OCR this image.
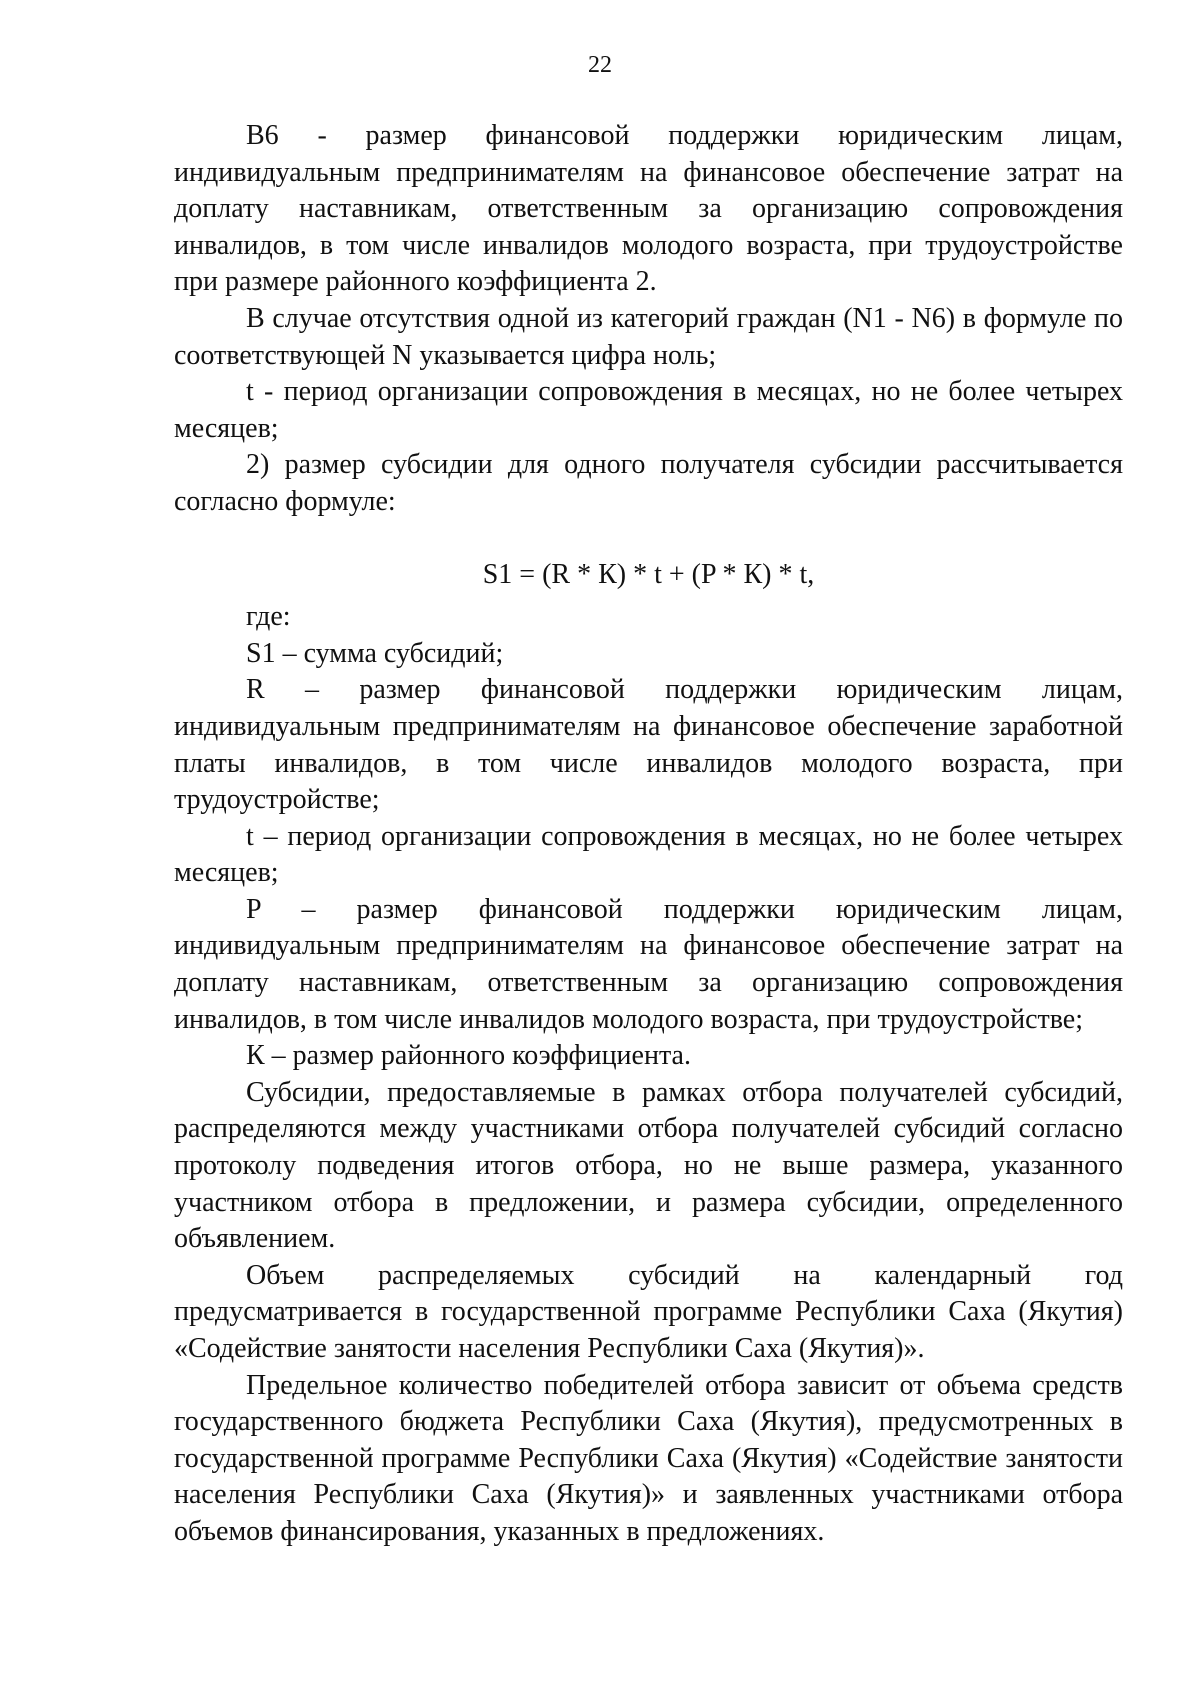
22

B6 - размер финансовой поддержки юридическим лицам, индивидуальным предпринимателям на финансовое обеспечение затрат на доплату наставникам, ответственным за организацию сопровождения инвалидов, в том числе инвалидов молодого возраста, при трудоустройстве при размере районного коэффициента 2.

В случае отсутствия одной из категорий граждан (N1 - N6) в формуле по соответствующей N указывается цифра ноль;

t - период организации сопровождения в месяцах, но не более четырех месяцев;

2) размер субсидии для одного получателя субсидии рассчитывается согласно формуле:

S1 = (R * К) * t + (P * К) * t,

где:

S1 – сумма субсидий;

R – размер финансовой поддержки юридическим лицам, индивидуальным предпринимателям на финансовое обеспечение заработной платы инвалидов, в том числе инвалидов молодого возраста, при трудоустройстве;

t – период организации сопровождения в месяцах, но не более четырех месяцев;

P – размер финансовой поддержки юридическим лицам, индивидуальным предпринимателям на финансовое обеспечение затрат на доплату наставникам, ответственным за организацию сопровождения инвалидов, в том числе инвалидов молодого возраста, при трудоустройстве;

К – размер районного коэффициента.

Субсидии, предоставляемые в рамках отбора получателей субсидий, распределяются между участниками отбора получателей субсидий согласно протоколу подведения итогов отбора, но не выше размера, указанного участником отбора в предложении, и размера субсидии, определенного объявлением.

Объем распределяемых субсидий на календарный год предусматривается в государственной программе Республики Саха (Якутия) «Содействие занятости населения Республики Саха (Якутия)».

Предельное количество победителей отбора зависит от объема средств государственного бюджета Республики Саха (Якутия), предусмотренных в государственной программе Республики Саха (Якутия) «Содействие занятости населения Республики Саха (Якутия)» и заявленных участниками отбора объемов финансирования, указанных в предложениях.
